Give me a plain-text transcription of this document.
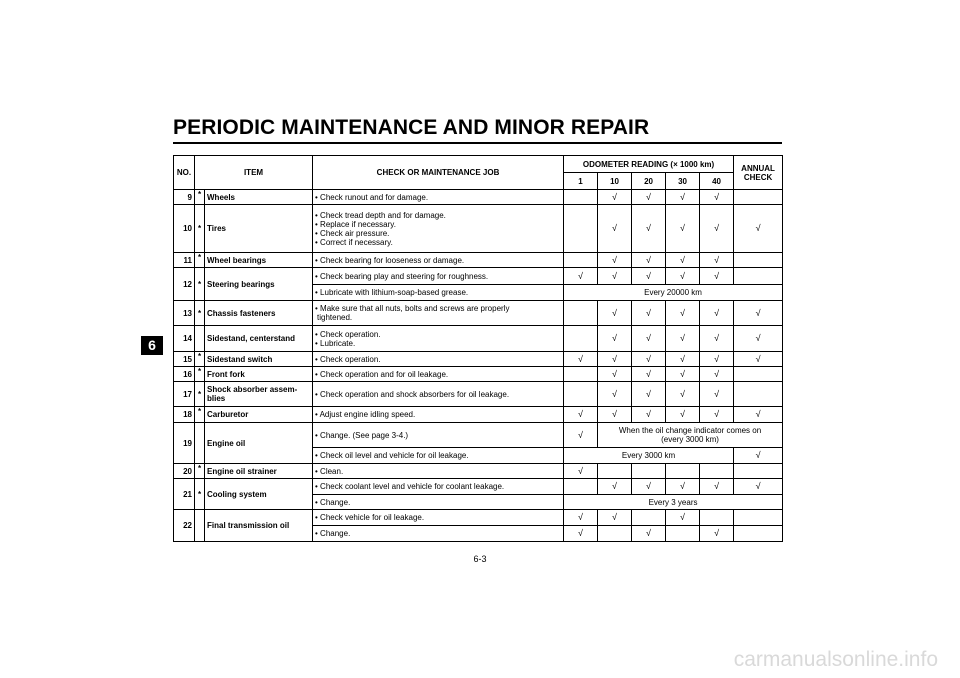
PERIODIC MAINTENANCE AND MINOR REPAIR
6
NO.	ITEM		CHECK OR MAINTENANCE JOB	ODOMETER READING (× 1000 km)					ANNUAL CHECK
				1	10	20	30	40	
9	*	Wheels	• Check runout and for damage.		√	√	√	√	
10	*	Tires	• Check tread depth and for damage.
• Replace if necessary.
• Check air pressure.
• Correct if necessary.		√	√	√	√	√
11	*	Wheel bearings	• Check bearing for looseness or damage.		√	√	√	√	
12	*	Steering bearings	• Check bearing play and steering for roughness.	√	√	√	√	√	
			• Lubricate with lithium-soap-based grease.	Every 20000 km					
13	*	Chassis fasteners	• Make sure that all nuts, bolts and screws are properly
tightened.		√	√	√	√	√
14		Sidestand, centerstand	• Check operation.
• Lubricate.		√	√	√	√	√
15	*	Sidestand switch	• Check operation.	√	√	√	√	√	√
16	*	Front fork	• Check operation and for oil leakage.		√	√	√	√	
17	*	Shock absorber assem-blies	• Check operation and shock absorbers for oil leakage.		√	√	√	√	
18	*	Carburetor	• Adjust engine idling speed.	√	√	√	√	√	√
19		Engine oil	• Change. (See page 3-4.)	√	When the oil change indicator comes on
(every 3000 km)				

			• Check oil level and vehicle for oil leakage.	Every 3000 km					√
20	*	Engine oil strainer	• Clean.	√					
21	*	Cooling system	• Check coolant level and vehicle for coolant leakage.		√	√	√	√	√
			• Change.	Every 3 years					
22		Final transmission oil	• Check vehicle for oil leakage.	√	√		√		
			• Change.	√		√		√	
6-3
carmanualsonline.info
